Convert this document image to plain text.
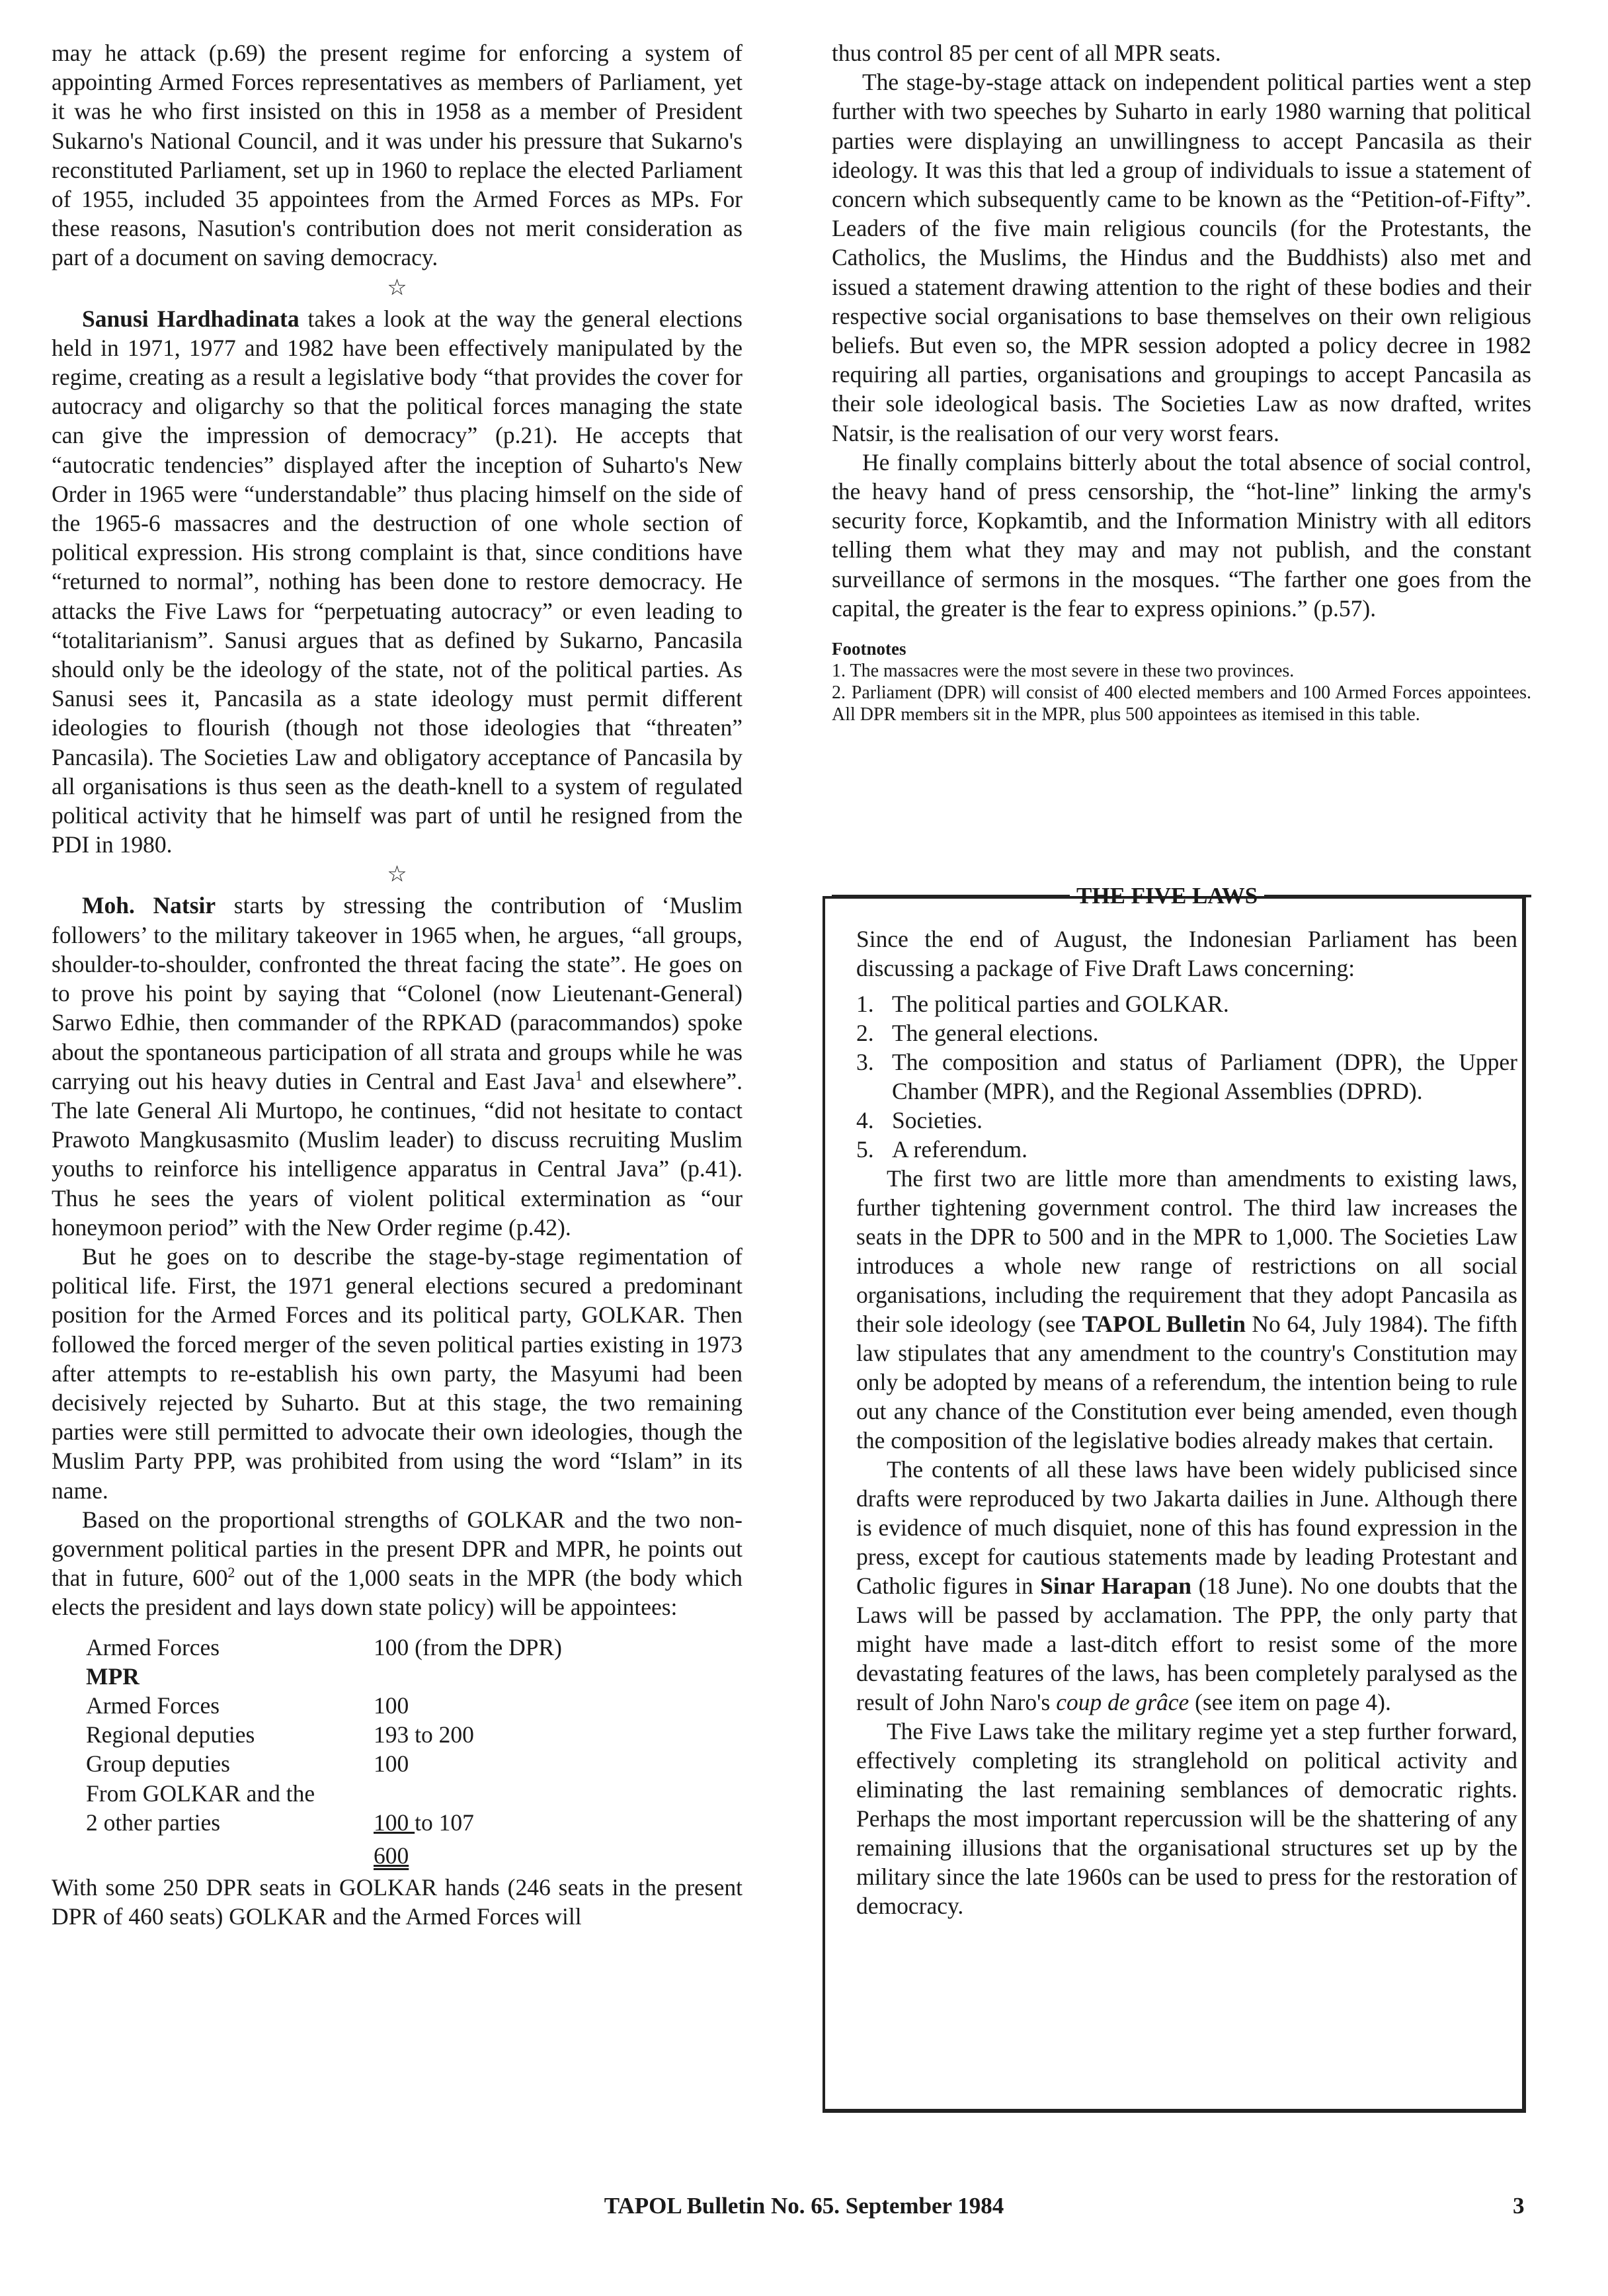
may he attack (p.69) the present regime for enforcing a system of appointing Armed Forces representatives as members of Parliament, yet it was he who first insisted on this in 1958 as a member of President Sukarno's National Council, and it was under his pressure that Sukarno's reconstituted Parliament, set up in 1960 to replace the elected Parliament of 1955, included 35 appointees from the Armed Forces as MPs. For these reasons, Nasution's contribution does not merit consideration as part of a document on saving democracy.

☆

Sanusi Hardhadinata takes a look at the way the general elections held in 1971, 1977 and 1982 have been effectively manipulated by the regime, creating as a result a legislative body “that provides the cover for autocracy and oligarchy so that the political forces managing the state can give the impression of democracy” (p.21). He accepts that “autocratic tendencies” displayed after the inception of Suharto's New Order in 1965 were “understandable” thus placing himself on the side of the 1965-6 massacres and the destruction of one whole section of political expression. His strong complaint is that, since conditions have “returned to normal”, nothing has been done to restore democracy. He attacks the Five Laws for “perpetuating autocracy” or even leading to “totalitarianism”. Sanusi argues that as defined by Sukarno, Pancasila should only be the ideology of the state, not of the political parties. As Sanusi sees it, Pancasila as a state ideology must permit different ideologies to flourish (though not those ideologies that “threaten” Pancasila). The Societies Law and obligatory acceptance of Pancasila by all organisations is thus seen as the death-knell to a system of regulated political activity that he himself was part of until he resigned from the PDI in 1980.

☆

Moh. Natsir starts by stressing the contribution of ‘Muslim followers’ to the military takeover in 1965 when, he argues, “all groups, shoulder-to-shoulder, confronted the threat facing the state”. He goes on to prove his point by saying that “Colonel (now Lieutenant-General) Sarwo Edhie, then commander of the RPKAD (paracommandos) spoke about the spontaneous participation of all strata and groups while he was carrying out his heavy duties in Central and East Java$^1$ and elsewhere”. The late General Ali Murtopo, he continues, “did not hesitate to contact Prawoto Mangkusasmito (Muslim leader) to discuss recruiting Muslim youths to reinforce his intelligence apparatus in Central Java” (p.41). Thus he sees the years of violent political extermination as “our honeymoon period” with the New Order regime (p.42).

But he goes on to describe the stage-by-stage regimentation of political life. First, the 1971 general elections secured a predominant position for the Armed Forces and its political party, GOLKAR. Then followed the forced merger of the seven political parties existing in 1973 after attempts to re-establish his own party, the Masyumi had been decisively rejected by Suharto. But at this stage, the two remaining parties were still permitted to advocate their own ideologies, though the Muslim Party PPP, was prohibited from using the word “Islam” in its name.

Based on the proportional strengths of GOLKAR and the two non-government political parties in the present DPR and MPR, he points out that in future, $600^2$ out of the 1,000 seats in the MPR (the body which elects the president and lays down state policy) will be appointees:

Armed Forces	100 (from the DPR)
MPR	
Armed Forces	100
Regional deputies	193 to 200
Group deputies	100
From GOLKAR and the	
2 other parties	100 to 107
	600

With some 250 DPR seats in GOLKAR hands (246 seats in the present DPR of 460 seats) GOLKAR and the Armed Forces will

thus control 85 per cent of all MPR seats.

The stage-by-stage attack on independent political parties went a step further with two speeches by Suharto in early 1980 warning that political parties were displaying an unwillingness to accept Pancasila as their ideology. It was this that led a group of individuals to issue a statement of concern which subsequently came to be known as the “Petition-of-Fifty”. Leaders of the five main religious councils (for the Protestants, the Catholics, the Muslims, the Hindus and the Buddhists) also met and issued a statement drawing attention to the right of these bodies and their respective social organisations to base themselves on their own religious beliefs. But even so, the MPR session adopted a policy decree in 1982 requiring all parties, organisations and groupings to accept Pancasila as their sole ideological basis. The Societies Law as now drafted, writes Natsir, is the realisation of our very worst fears.

He finally complains bitterly about the total absence of social control, the heavy hand of press censorship, the “hot-line” linking the army's security force, Kopkamtib, and the Information Ministry with all editors telling them what they may and may not publish, and the constant surveillance of sermons in the mosques. “The farther one goes from the capital, the greater is the fear to express opinions.” (p.57).

Footnotes
1. The massacres were the most severe in these two provinces.
2. Parliament (DPR) will consist of 400 elected members and 100 Armed Forces appointees. All DPR members sit in the MPR, plus 500 appointees as itemised in this table.
THE FIVE LAWS

Since the end of August, the Indonesian Parliament has been discussing a package of Five Draft Laws concerning:

1. The political parties and GOLKAR.
2. The general elections.
3. The composition and status of Parliament (DPR), the Upper Chamber (MPR), and the Regional Assemblies (DPRD).
4. Societies.
5. A referendum.

The first two are little more than amendments to existing laws, further tightening government control. The third law increases the seats in the DPR to 500 and in the MPR to 1,000. The Societies Law introduces a whole new range of restrictions on all social organisations, including the requirement that they adopt Pancasila as their sole ideology (see TAPOL Bulletin No 64, July 1984). The fifth law stipulates that any amendment to the country's Constitution may only be adopted by means of a referendum, the intention being to rule out any chance of the Constitution ever being amended, even though the composition of the legislative bodies already makes that certain.

The contents of all these laws have been widely publicised since drafts were reproduced by two Jakarta dailies in June. Although there is evidence of much disquiet, none of this has found expression in the press, except for cautious statements made by leading Protestant and Catholic figures in Sinar Harapan (18 June). No one doubts that the Laws will be passed by acclamation. The PPP, the only party that might have made a last-ditch effort to resist some of the more devastating features of the laws, has been completely paralysed as the result of John Naro's coup de grâce (see item on page 4).

The Five Laws take the military regime yet a step further forward, effectively completing its stranglehold on political activity and eliminating the last remaining semblances of democratic rights. Perhaps the most important repercussion will be the shattering of any remaining illusions that the organisational structures set up by the military since the late 1960s can be used to press for the restoration of democracy.

TAPOL Bulletin No. 65. September 1984	3
